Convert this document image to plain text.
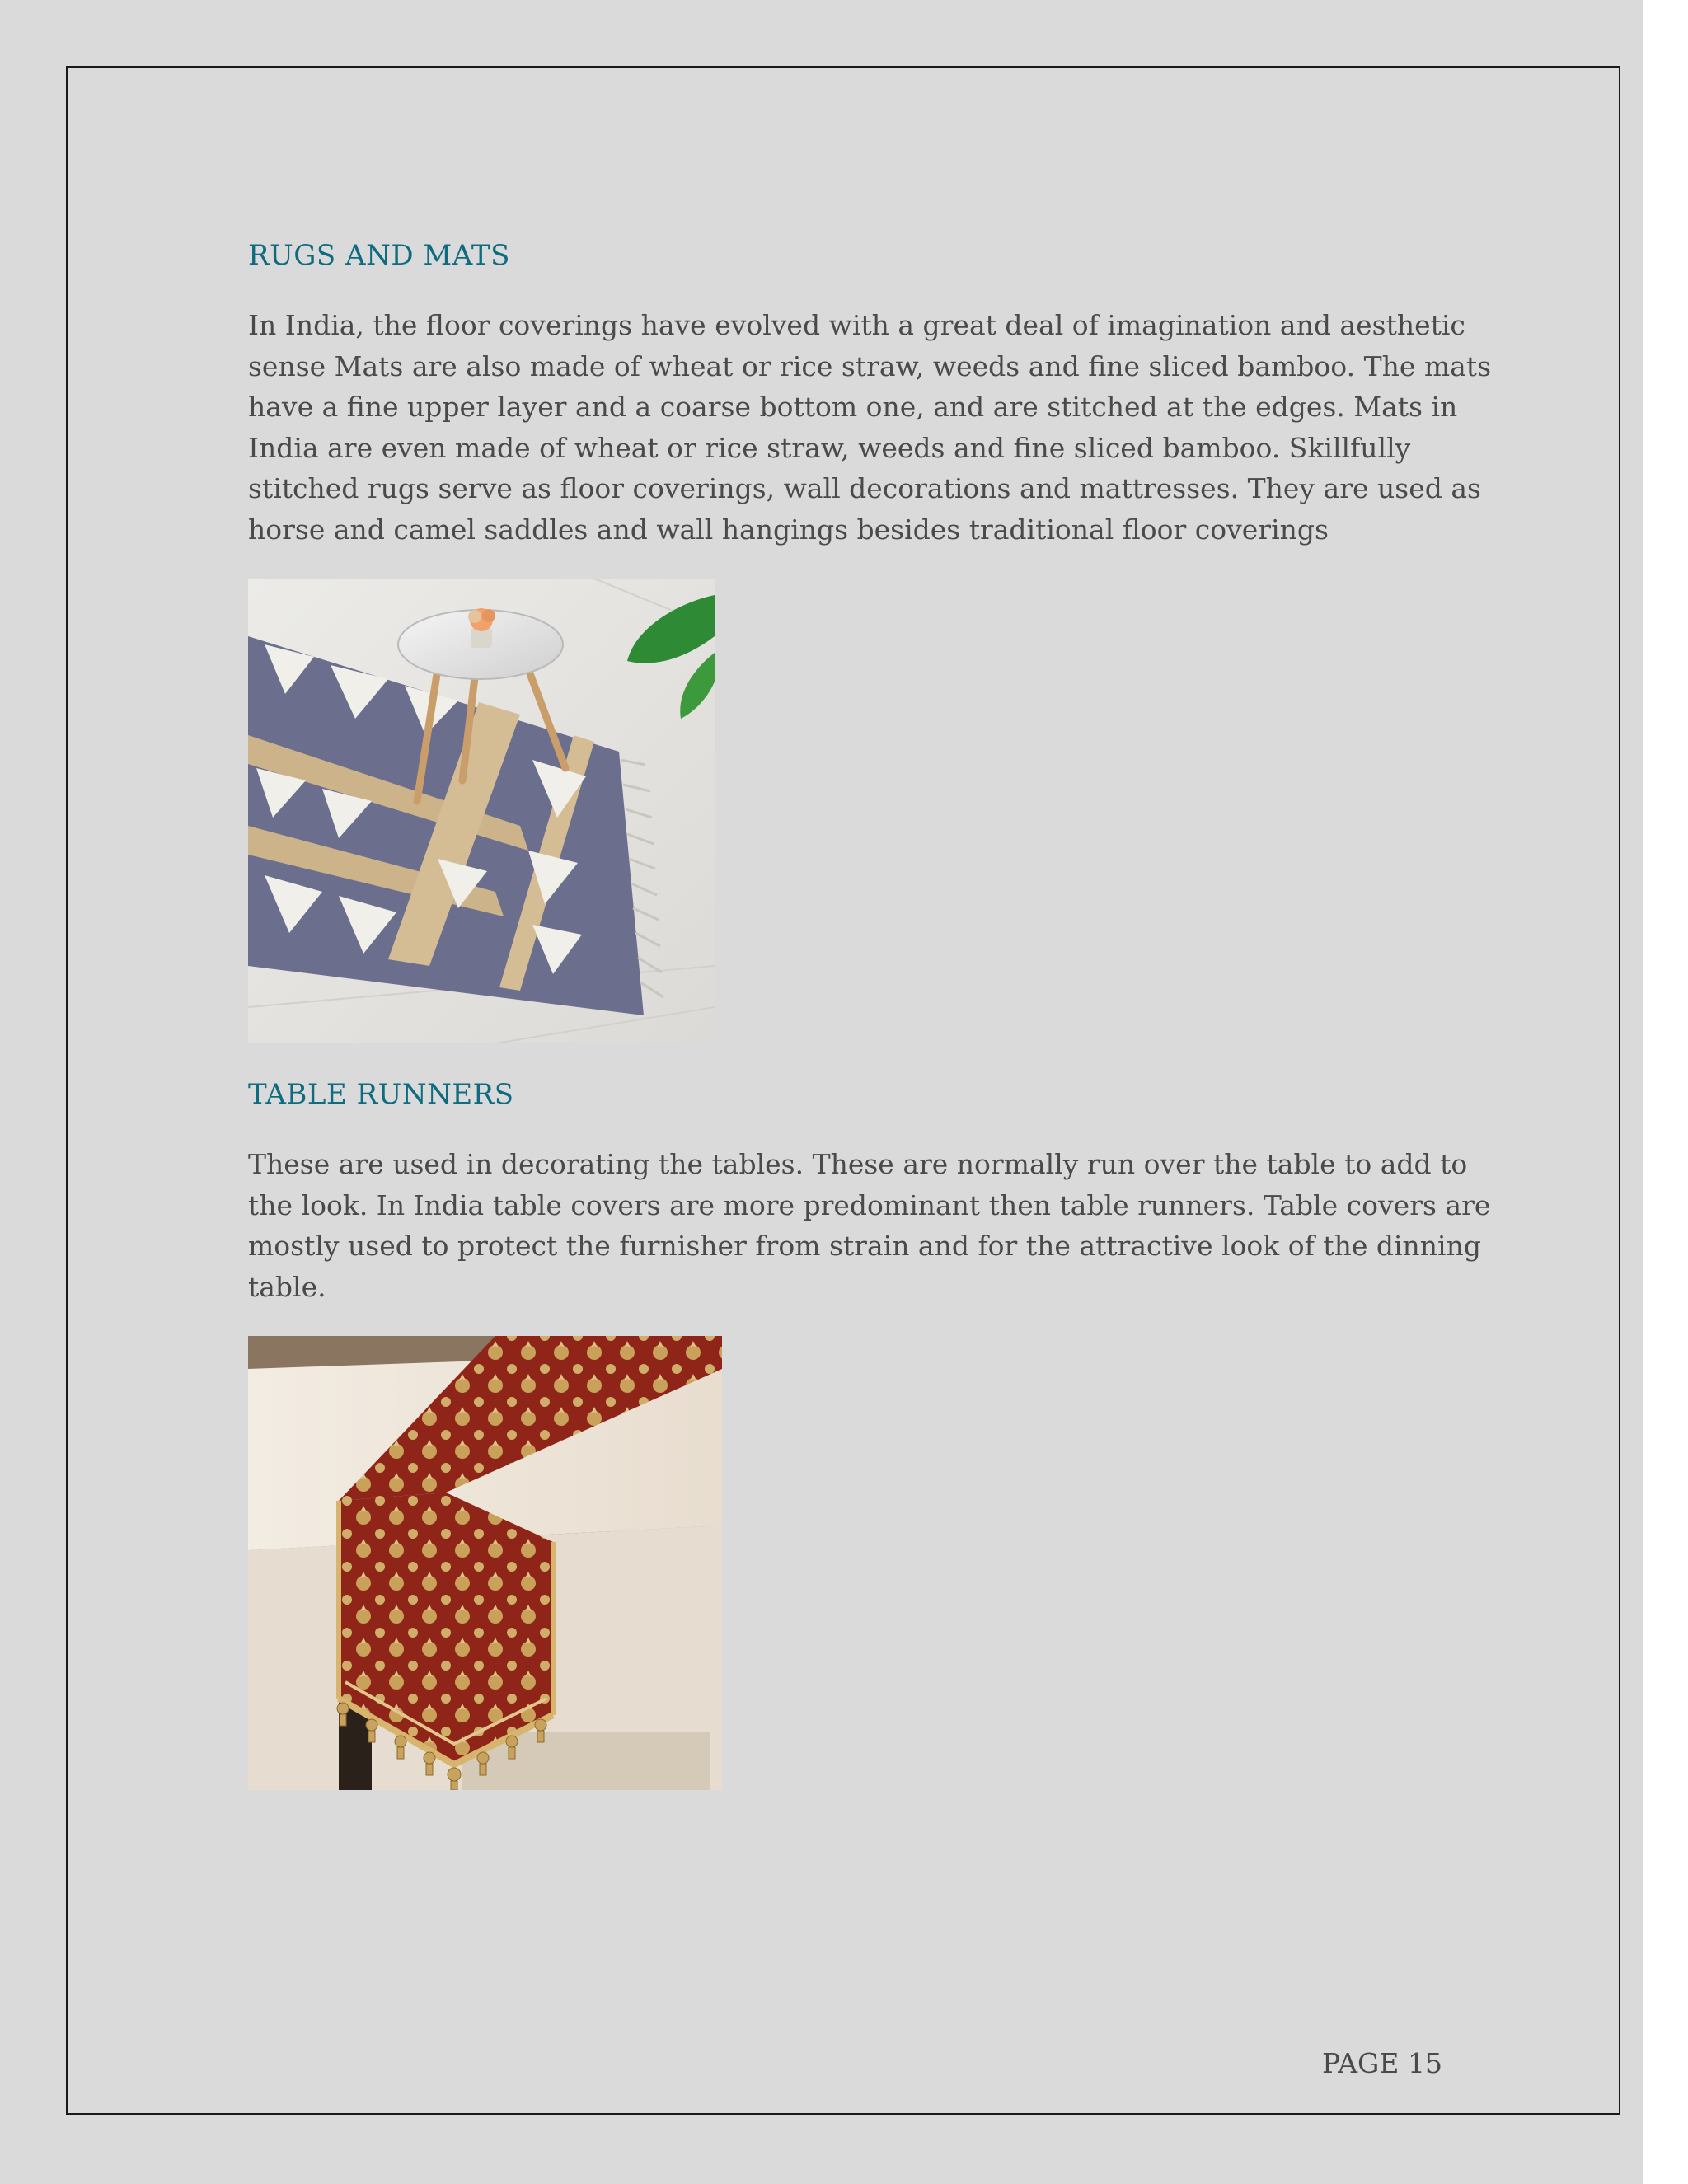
RUGS AND MATS
In India, the floor coverings have evolved with a great deal of imagination and aesthetic
sense Mats are also made of wheat or rice straw, weeds and fine sliced bamboo. The mats
have a fine upper layer and a coarse bottom one, and are stitched at the edges. Mats in
India are even made of wheat or rice straw, weeds and fine sliced bamboo. Skillfully
stitched rugs serve as floor coverings, wall decorations and mattresses. They are used as
horse and camel saddles and wall hangings besides traditional floor coverings
TABLE RUNNERS
These are used in decorating the tables. These are normally run over the table to add to
the look. In India table covers are more predominant then table runners. Table covers are
mostly used to protect the furnisher from strain and for the attractive look of the dinning
table.
PAGE 15
